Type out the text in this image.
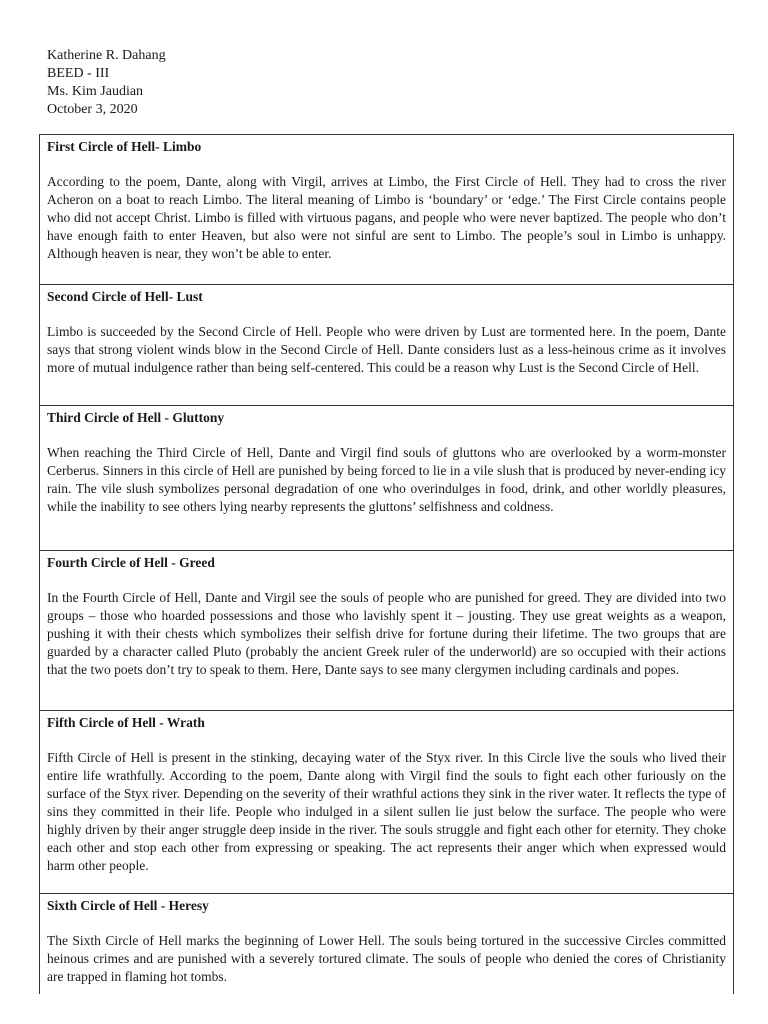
Katherine R. Dahang
BEED - III
Ms. Kim Jaudian
October 3, 2020
First Circle of Hell- Limbo

According to the poem, Dante, along with Virgil, arrives at Limbo, the First Circle of Hell. They had to cross the river Acheron on a boat to reach Limbo. The literal meaning of Limbo is ‘boundary’ or ‘edge.’ The First Circle contains people who did not accept Christ. Limbo is filled with virtuous pagans, and people who were never baptized. The people who don’t have enough faith to enter Heaven, but also were not sinful are sent to Limbo. The people’s soul in Limbo is unhappy. Although heaven is near, they won’t be able to enter.

Second Circle of Hell- Lust

Limbo is succeeded by the Second Circle of Hell. People who were driven by Lust are tormented here. In the poem, Dante says that strong violent winds blow in the Second Circle of Hell. Dante considers lust as a less-heinous crime as it involves more of mutual indulgence rather than being self-centered. This could be a reason why Lust is the Second Circle of Hell.

Third Circle of Hell - Gluttony

When reaching the Third Circle of Hell, Dante and Virgil find souls of gluttons who are overlooked by a worm-monster Cerberus. Sinners in this circle of Hell are punished by being forced to lie in a vile slush that is produced by never-ending icy rain. The vile slush symbolizes personal degradation of one who overindulges in food, drink, and other worldly pleasures, while the inability to see others lying nearby represents the gluttons’ selfishness and coldness.

Fourth Circle of Hell - Greed

In the Fourth Circle of Hell, Dante and Virgil see the souls of people who are punished for greed. They are divided into two groups – those who hoarded possessions and those who lavishly spent it – jousting. They use great weights as a weapon, pushing it with their chests which symbolizes their selfish drive for fortune during their lifetime. The two groups that are guarded by a character called Pluto (probably the ancient Greek ruler of the underworld) are so occupied with their actions that the two poets don’t try to speak to them. Here, Dante says to see many clergymen including cardinals and popes.

Fifth Circle of Hell - Wrath

Fifth Circle of Hell is present in the stinking, decaying water of the Styx river. In this Circle live the souls who lived their entire life wrathfully. According to the poem, Dante along with Virgil find the souls to fight each other furiously on the surface of the Styx river. Depending on the severity of their wrathful actions they sink in the river water. It reflects the type of sins they committed in their life. People who indulged in a silent sullen lie just below the surface. The people who were highly driven by their anger struggle deep inside in the river. The souls struggle and fight each other for eternity. They choke each other and stop each other from expressing or speaking. The act represents their anger which when expressed would harm other people.

Sixth Circle of Hell - Heresy

The Sixth Circle of Hell marks the beginning of Lower Hell. The souls being tortured in the successive Circles committed heinous crimes and are punished with a severely tortured climate. The souls of people who denied the cores of Christianity are trapped in flaming hot tombs.
